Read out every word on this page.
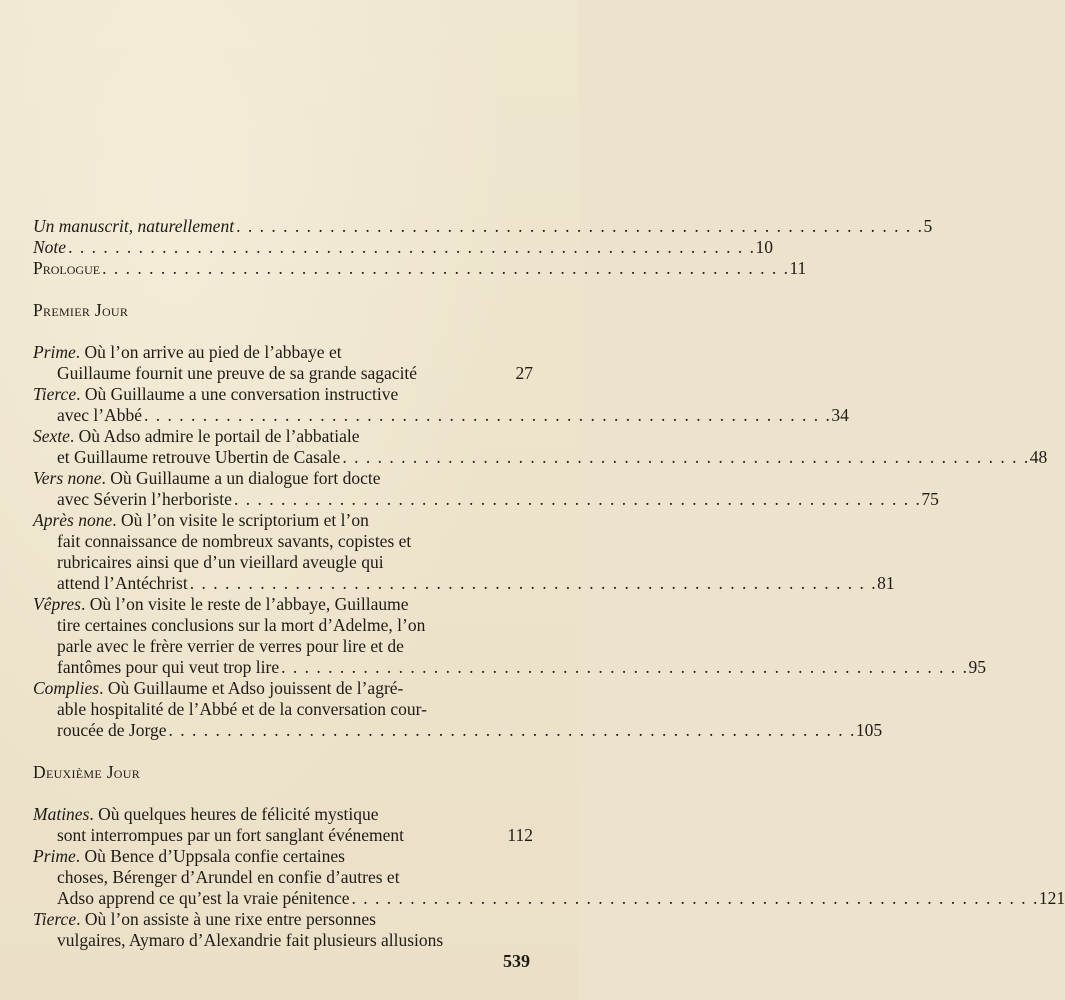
Un manuscrit, naturellement . . . . . . . . . . . . . . . . . . . . . . . . . . . . . . . . . . . . . . . . . . . . . . . . . . . . . . . . . . . 5
Note . . . . . . . . . . . . . . . . . . . . . . . . . . . . . . . . . . . . . . . . . . . . . . . . . . . . . . . . . . . 10
Prologue . . . . . . . . . . . . . . . . . . . . . . . . . . . . . . . . . . . . . . . . . . . . . . . . . . . . . . . . . . . 11
Premier Jour
Prime. Où l’on arrive au pied de l’abbaye et
Guillaume fournit une preuve de sa grande sagacité	27
Tierce. Où Guillaume a une conversation instructive
avec l’Abbé . . . . . . . . . . . . . . . . . . . . . . . . . . . . . . . . . . . . . . . . . . . . . . . . . . . . . . . . . . . 34
Sexte. Où Adso admire le portail de l’abbatiale
et Guillaume retrouve Ubertin de Casale . . . . . . . . . . . . . . . . . . . . . . . . . . . . . . . . . . . . . . . . . . . . . . . . . . . . . . . . . . . 48
Vers none. Où Guillaume a un dialogue fort docte
avec Séverin l’herboriste . . . . . . . . . . . . . . . . . . . . . . . . . . . . . . . . . . . . . . . . . . . . . . . . . . . . . . . . . . . 75
Après none. Où l’on visite le scriptorium et l’on
fait connaissance de nombreux savants, copistes et
rubricaires ainsi que d’un vieillard aveugle qui
attend l’Antéchrist . . . . . . . . . . . . . . . . . . . . . . . . . . . . . . . . . . . . . . . . . . . . . . . . . . . . . . . . . . . 81
Vêpres. Où l’on visite le reste de l’abbaye, Guillaume
tire certaines conclusions sur la mort d’Adelme, l’on
parle avec le frère verrier de verres pour lire et de
fantômes pour qui veut trop lire . . . . . . . . . . . . . . . . . . . . . . . . . . . . . . . . . . . . . . . . . . . . . . . . . . . . . . . . . . . 95
Complies. Où Guillaume et Adso jouissent de l’agré-
able hospitalité de l’Abbé et de la conversation cour-
roucée de Jorge . . . . . . . . . . . . . . . . . . . . . . . . . . . . . . . . . . . . . . . . . . . . . . . . . . . . . . . . . . . 105
Deuxième Jour
Matines. Où quelques heures de félicité mystique
sont interrompues par un fort sanglant événement	112
Prime. Où Bence d’Uppsala confie certaines
choses, Bérenger d’Arundel en confie d’autres et
Adso apprend ce qu’est la vraie pénitence . . . . . . . . . . . . . . . . . . . . . . . . . . . . . . . . . . . . . . . . . . . . . . . . . . . . . . . . . . . 121
Tierce. Où l’on assiste à une rixe entre personnes
vulgaires, Aymaro d’Alexandrie fait plusieurs allusions
539
